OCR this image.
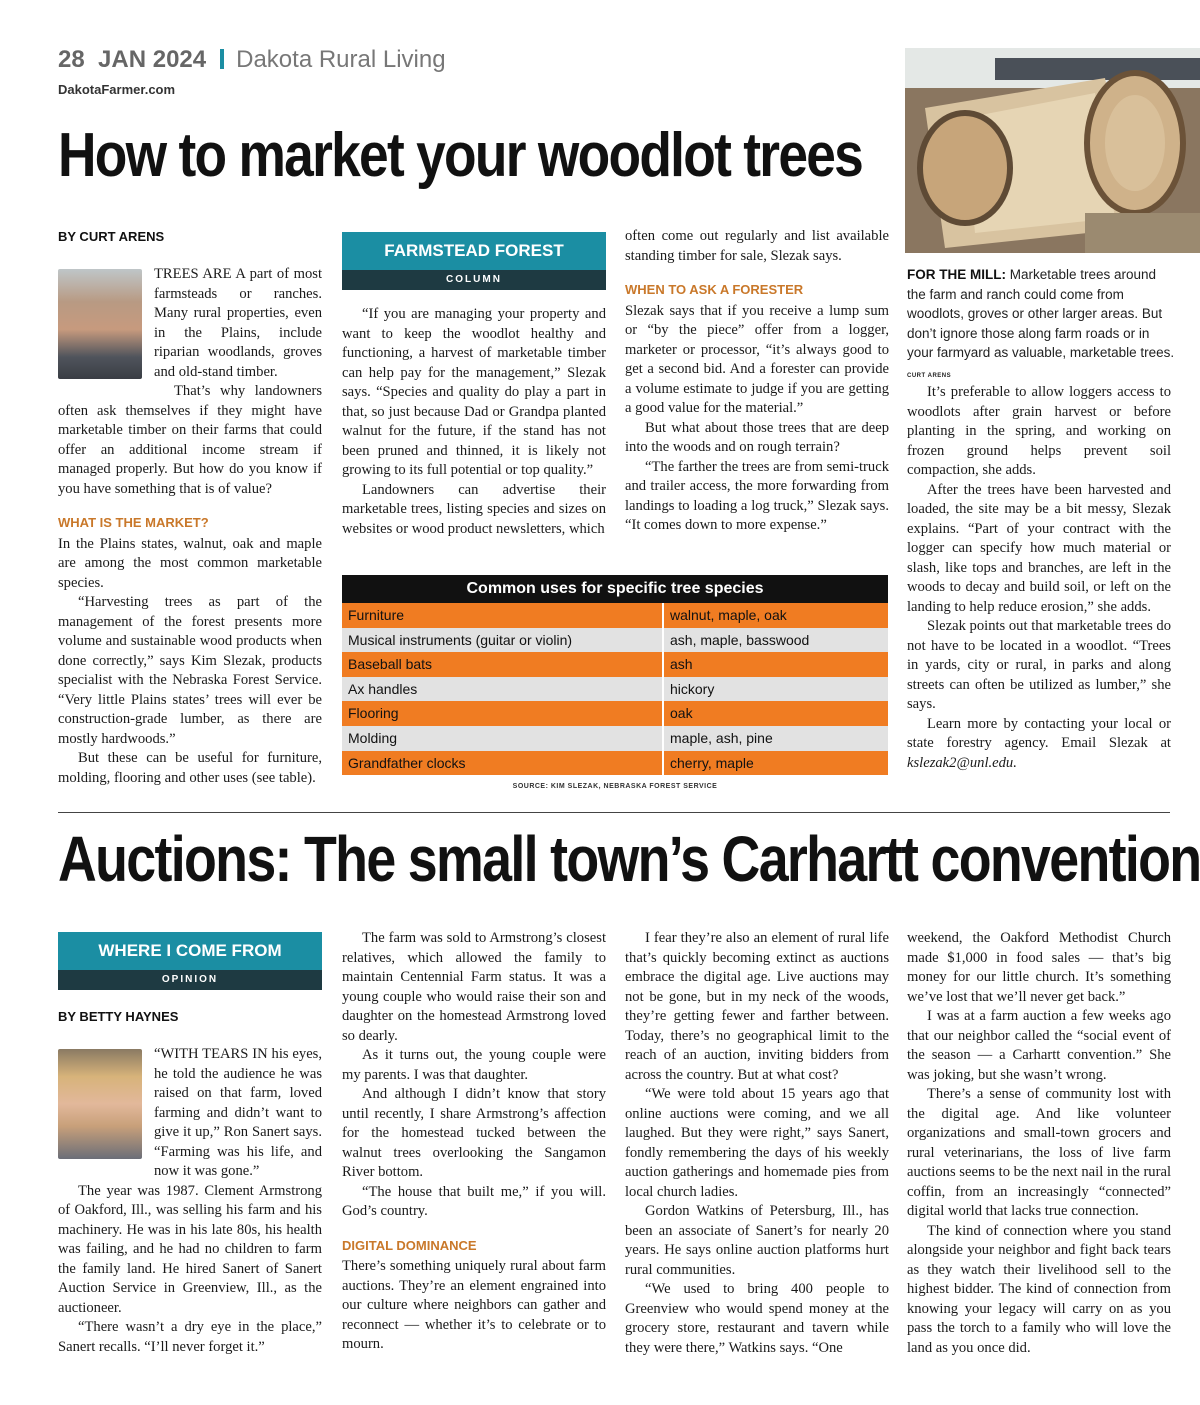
28 JAN 2024 Dakota Rural Living
DakotaFarmer.com
How to market your woodlot trees
FOR THE MILL: Marketable trees around the farm and ranch could come from woodlots, groves or other larger areas. But don’t ignore those along farm roads or in your farmyard as valuable, marketable trees. CURT ARENS
BY CURT ARENS

TREES ARE A part of most farmsteads or ranches. Many rural properties, even in the Plains, include riparian woodlands, groves and old-stand timber.

That’s why landowners often ask themselves if they might have marketable timber on their farms that could offer an additional income stream if managed properly. But how do you know if you have something that is of value?

WHAT IS THE MARKET?

In the Plains states, walnut, oak and maple are among the most common marketable species.

“Harvesting trees as part of the management of the forest presents more volume and sustainable wood products when done correctly,” says Kim Slezak, products specialist with the Nebraska Forest Service. “Very little Plains states’ trees will ever be construction-grade lumber, as there are mostly hardwoods.”

But these can be useful for furniture, molding, flooring and other uses (see table).

FARMSTEAD FOREST
COLUMN

“If you are managing your property and want to keep the woodlot healthy and functioning, a harvest of marketable timber can help pay for the management,” Slezak says. “Species and quality do play a part in that, so just because Dad or Grandpa planted walnut for the future, if the stand has not been pruned and thinned, it is likely not growing to its full potential or top quality.”

Landowners can advertise their marketable trees, listing species and sizes on websites or wood product newsletters, which

often come out regularly and list available standing timber for sale, Slezak says.

WHEN TO ASK A FORESTER

Slezak says that if you receive a lump sum or “by the piece” offer from a logger, marketer or processor, “it’s always good to get a second bid. And a forester can provide a volume estimate to judge if you are getting a good value for the material.”

But what about those trees that are deep into the woods and on rough terrain?

“The farther the trees are from semi-truck and trailer access, the more forwarding from landings to loading a log truck,” Slezak says. “It comes down to more expense.”

Common uses for specific tree species
Furniture	walnut, maple, oak
Musical instruments (guitar or violin)	ash, maple, basswood
Baseball bats	ash
Ax handles	hickory
Flooring	oak
Molding	maple, ash, pine
Grandfather clocks	cherry, maple
SOURCE: KIM SLEZAK, NEBRASKA FOREST SERVICE

It’s preferable to allow loggers access to woodlots after grain harvest or before planting in the spring, and working on frozen ground helps prevent soil compaction, she adds.

After the trees have been harvested and loaded, the site may be a bit messy, Slezak explains. “Part of your contract with the logger can specify how much material or slash, like tops and branches, are left in the woods to decay and build soil, or left on the landing to help reduce erosion,” she adds.

Slezak points out that marketable trees do not have to be located in a woodlot. “Trees in yards, city or rural, in parks and along streets can often be utilized as lumber,” she says.

Learn more by contacting your local or state forestry agency. Email Slezak at kslezak2@unl.edu.

Auctions: The small town’s Carhartt convention
WHERE I COME FROM
OPINION
BY BETTY HAYNES

“WITH TEARS IN his eyes, he told the audience he was raised on that farm, loved farming and didn’t want to give it up,” Ron Sanert says. “Farming was his life, and now it was gone.”

The year was 1987. Clement Armstrong of Oakford, Ill., was selling his farm and his machinery. He was in his late 80s, his health was failing, and he had no children to farm the family land. He hired Sanert of Sanert Auction Service in Greenview, Ill., as the auctioneer.

“There wasn’t a dry eye in the place,” Sanert recalls. “I’ll never forget it.”

The farm was sold to Armstrong’s closest relatives, which allowed the family to maintain Centennial Farm status. It was a young couple who would raise their son and daughter on the homestead Armstrong loved so dearly.

As it turns out, the young couple were my parents. I was that daughter.

And although I didn’t know that story until recently, I share Armstrong’s affection for the homestead tucked between the walnut trees overlooking the Sangamon River bottom.

“The house that built me,” if you will. God’s country.

DIGITAL DOMINANCE

There’s something uniquely rural about farm auctions. They’re an element engrained into our culture where neighbors can gather and reconnect — whether it’s to celebrate or to mourn.

I fear they’re also an element of rural life that’s quickly becoming extinct as auctions embrace the digital age. Live auctions may not be gone, but in my neck of the woods, they’re getting fewer and farther between. Today, there’s no geographical limit to the reach of an auction, inviting bidders from across the country. But at what cost?

“We were told about 15 years ago that online auctions were coming, and we all laughed. But they were right,” says Sanert, fondly remembering the days of his weekly auction gatherings and homemade pies from local church ladies.

Gordon Watkins of Petersburg, Ill., has been an associate of Sanert’s for nearly 20 years. He says online auction platforms hurt rural communities.

“We used to bring 400 people to Greenview who would spend money at the grocery store, restaurant and tavern while they were there,” Watkins says. “One

weekend, the Oakford Methodist Church made $1,000 in food sales — that’s big money for our little church. It’s something we’ve lost that we’ll never get back.”

I was at a farm auction a few weeks ago that our neighbor called the “social event of the season — a Carhartt convention.” She was joking, but she wasn’t wrong.

There’s a sense of community lost with the digital age. And like volunteer organizations and small-town grocers and rural veterinarians, the loss of live farm auctions seems to be the next nail in the rural coffin, from an increasingly “connected” digital world that lacks true connection.

The kind of connection where you stand alongside your neighbor and fight back tears as they watch their livelihood sell to the highest bidder. The kind of connection from knowing your legacy will carry on as you pass the torch to a family who will love the land as you once did.
